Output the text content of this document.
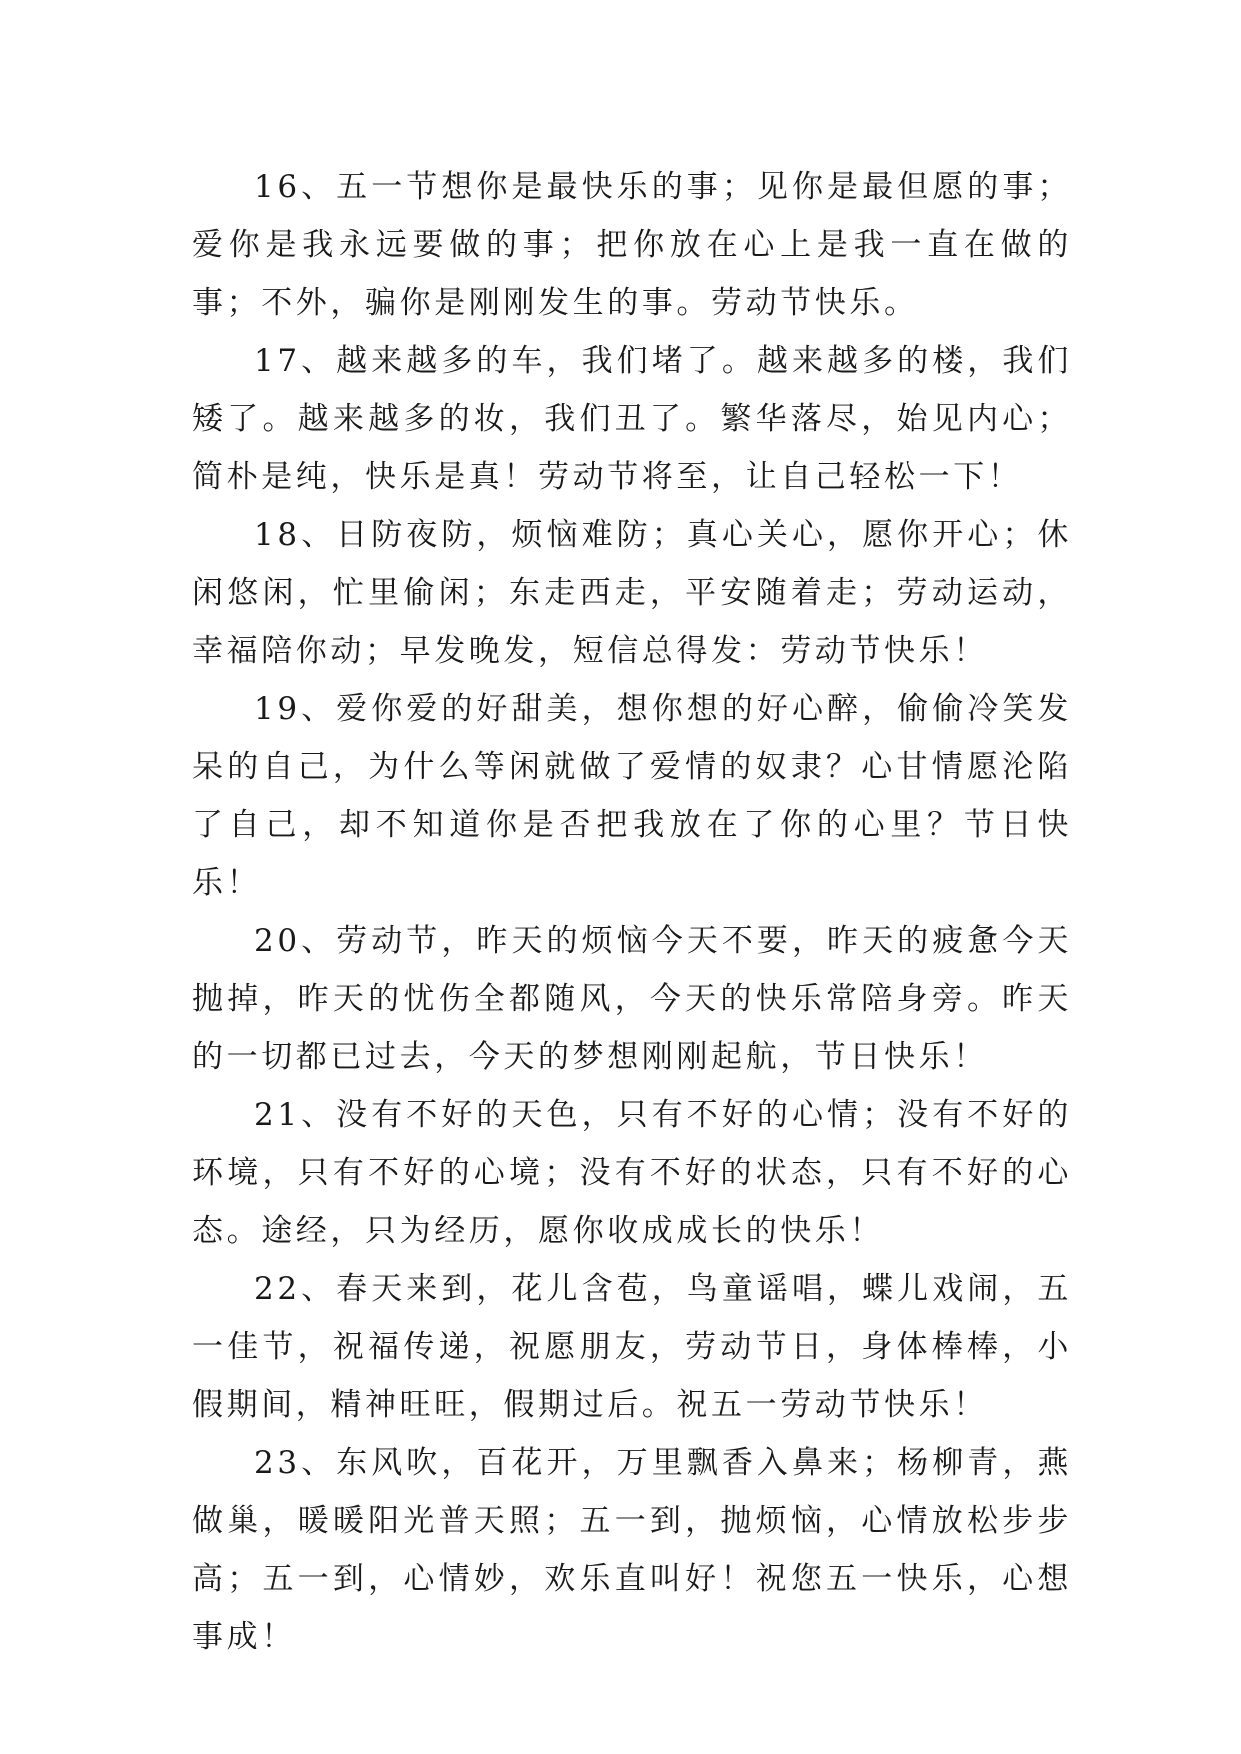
16、五一节想你是最快乐的事；见你是最但愿的事；爱你是我永远要做的事；把你放在心上是我一直在做的事；不外，骗你是刚刚发生的事。劳动节快乐。

17、越来越多的车，我们堵了。越来越多的楼，我们矮了。越来越多的妆，我们丑了。繁华落尽，始见内心；简朴是纯，快乐是真！劳动节将至，让自己轻松一下！

18、日防夜防，烦恼难防；真心关心，愿你开心；休闲悠闲，忙里偷闲；东走西走，平安随着走；劳动运动，幸福陪你动；早发晚发，短信总得发：劳动节快乐！

19、爱你爱的好甜美，想你想的好心醉，偷偷冷笑发呆的自己，为什么等闲就做了爱情的奴隶？心甘情愿沦陷了自己，却不知道你是否把我放在了你的心里？节日快乐！

20、劳动节，昨天的烦恼今天不要，昨天的疲惫今天抛掉，昨天的忧伤全都随风，今天的快乐常陪身旁。昨天的一切都已过去，今天的梦想刚刚起航，节日快乐！

21、没有不好的天色，只有不好的心情；没有不好的环境，只有不好的心境；没有不好的状态，只有不好的心态。途经，只为经历，愿你收成成长的快乐！

22、春天来到，花儿含苞，鸟童谣唱，蝶儿戏闹，五一佳节，祝福传递，祝愿朋友，劳动节日，身体棒棒，小假期间，精神旺旺，假期过后。祝五一劳动节快乐！

23、东风吹，百花开，万里飘香入鼻来；杨柳青，燕做巢，暖暖阳光普天照；五一到，抛烦恼，心情放松步步高；五一到，心情妙，欢乐直叫好！祝您五一快乐，心想事成！
